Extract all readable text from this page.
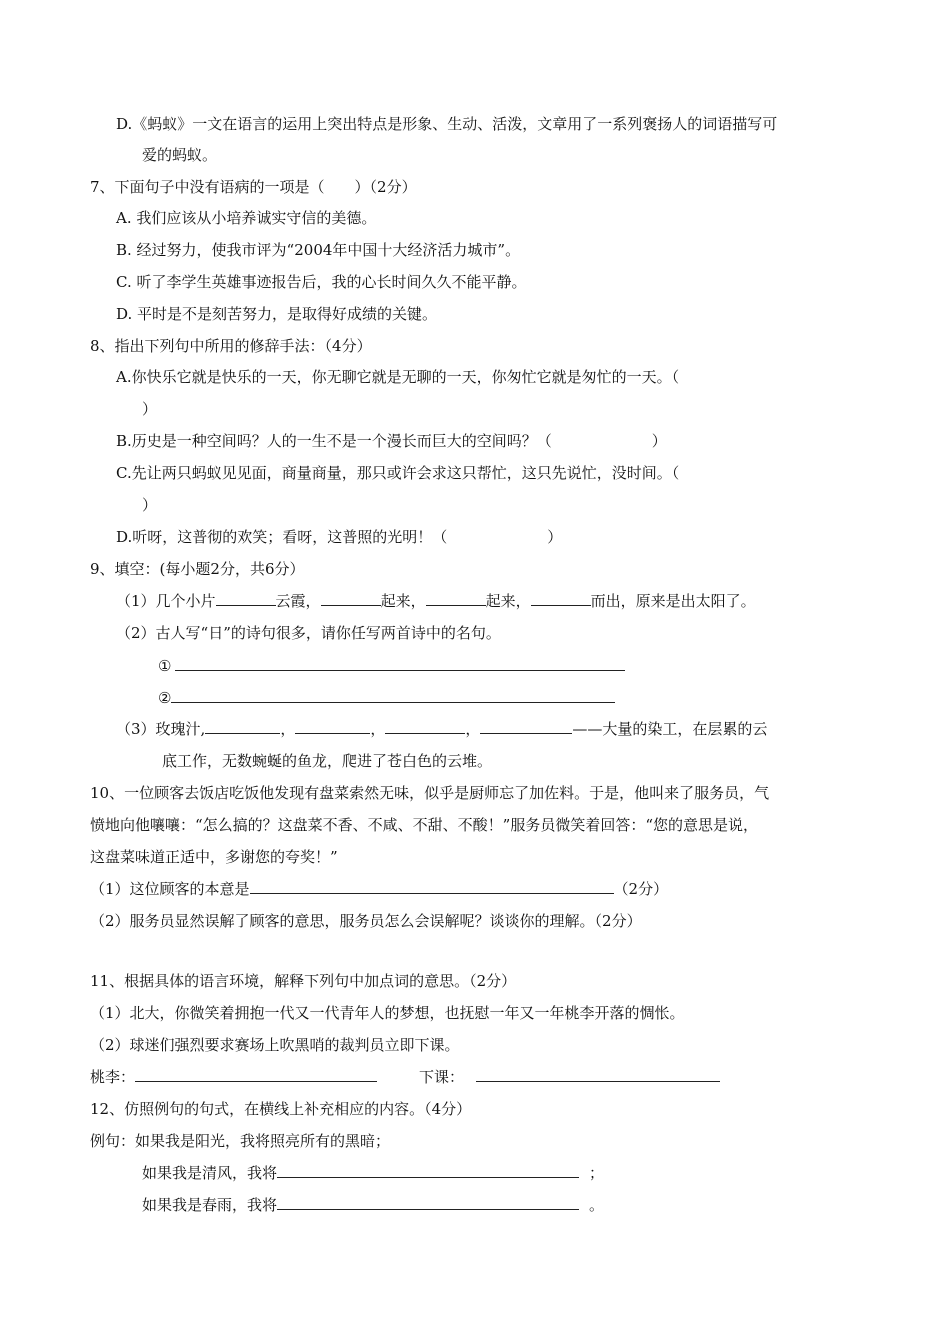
D.《蚂蚁》一文在语言的运用上突出特点是形象、生动、活泼，文章用了一系列褒扬人的词语描写可
爱的蚂蚁。
7、下面句子中没有语病的一项是（　　）（2分）
A. 我们应该从小培养诚实守信的美德。
B. 经过努力，使我市评为“2004年中国十大经济活力城市”。
C. 听了李学生英雄事迹报告后，我的心长时间久久不能平静。
D. 平时是不是刻苦努力，是取得好成绩的关键。
8、指出下列句中所用的修辞手法：（4分）
A.你快乐它就是快乐的一天，你无聊它就是无聊的一天，你匆忙它就是匆忙的一天。（
）
B.历史是一种空间吗？人的一生不是一个漫长而巨大的空间吗？（	）
C.先让两只蚂蚁见见面，商量商量，那只或许会求这只帮忙，这只先说忙，没时间。（
）
D.听呀，这普彻的欢笑；看呀，这普照的光明！（	）
9、填空：(每小题2分，共6分）
（1）几个小片	云霞，	起来，	起来，	而出，原来是出太阳了。
（2）古人写“日”的诗句很多，请你任写两首诗中的名句。
①
②
（3）玫瑰汁,	，	，	，	——大量的染工，在层累的云
底工作，无数蜿蜒的鱼龙，爬进了苍白色的云堆。
10、一位顾客去饭店吃饭他发现有盘菜索然无味，似乎是厨师忘了加佐料。于是，他叫来了服务员，气
愤地向他嚷嚷：“怎么搞的？这盘菜不香、不咸、不甜、不酸！”服务员微笑着回答：“您的意思是说，
这盘菜味道正适中，多谢您的夸奖！”
（1）这位顾客的本意是	（2分）
（2）服务员显然误解了顾客的意思，服务员怎么会误解呢？谈谈你的理解。（2分）
11、根据具体的语言环境，解释下列句中加点词的意思。（2分）
（1）北大，你微笑着拥抱一代又一代青年人的梦想，也抚慰一年又一年桃李开落的惆怅。
（2）球迷们强烈要求赛场上吹黑哨的裁判员立即下课。
桃李：	下课：
12、仿照例句的句式，在横线上补充相应的内容。（4分）
例句：如果我是阳光，我将照亮所有的黑暗；
如果我是清风，我将	；
如果我是春雨，我将	。
